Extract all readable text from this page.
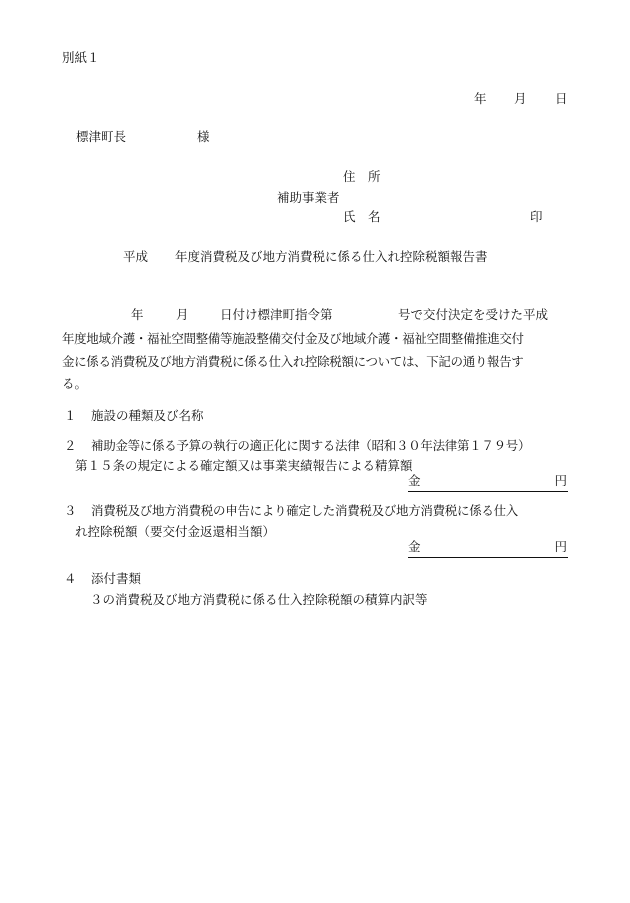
別紙１
年 月 日
標津町長	様
住　所
補助事業者
氏　名	印
平成 年度消費税及び地方消費税に係る仕入れ控除税額報告書
年	月	日付け標津町指令第	号で交付決定を受けた平成
年度地域介護・福祉空間整備等施設整備交付金及び地域介護・福祉空間整備推進交付
金に係る消費税及び地方消費税に係る仕入れ控除税額については、下記の通り報告す
る。
１ 施設の種類及び名称
２ 補助金等に係る予算の執行の適正化に関する法律（昭和３０年法律第１７９号）
第１５条の規定による確定額又は事業実績報告による精算額
金	円
３ 消費税及び地方消費税の申告により確定した消費税及び地方消費税に係る仕入
れ控除税額（要交付金返還相当額）
金	円
４ 添付書類
３の消費税及び地方消費税に係る仕入控除税額の積算内訳等
